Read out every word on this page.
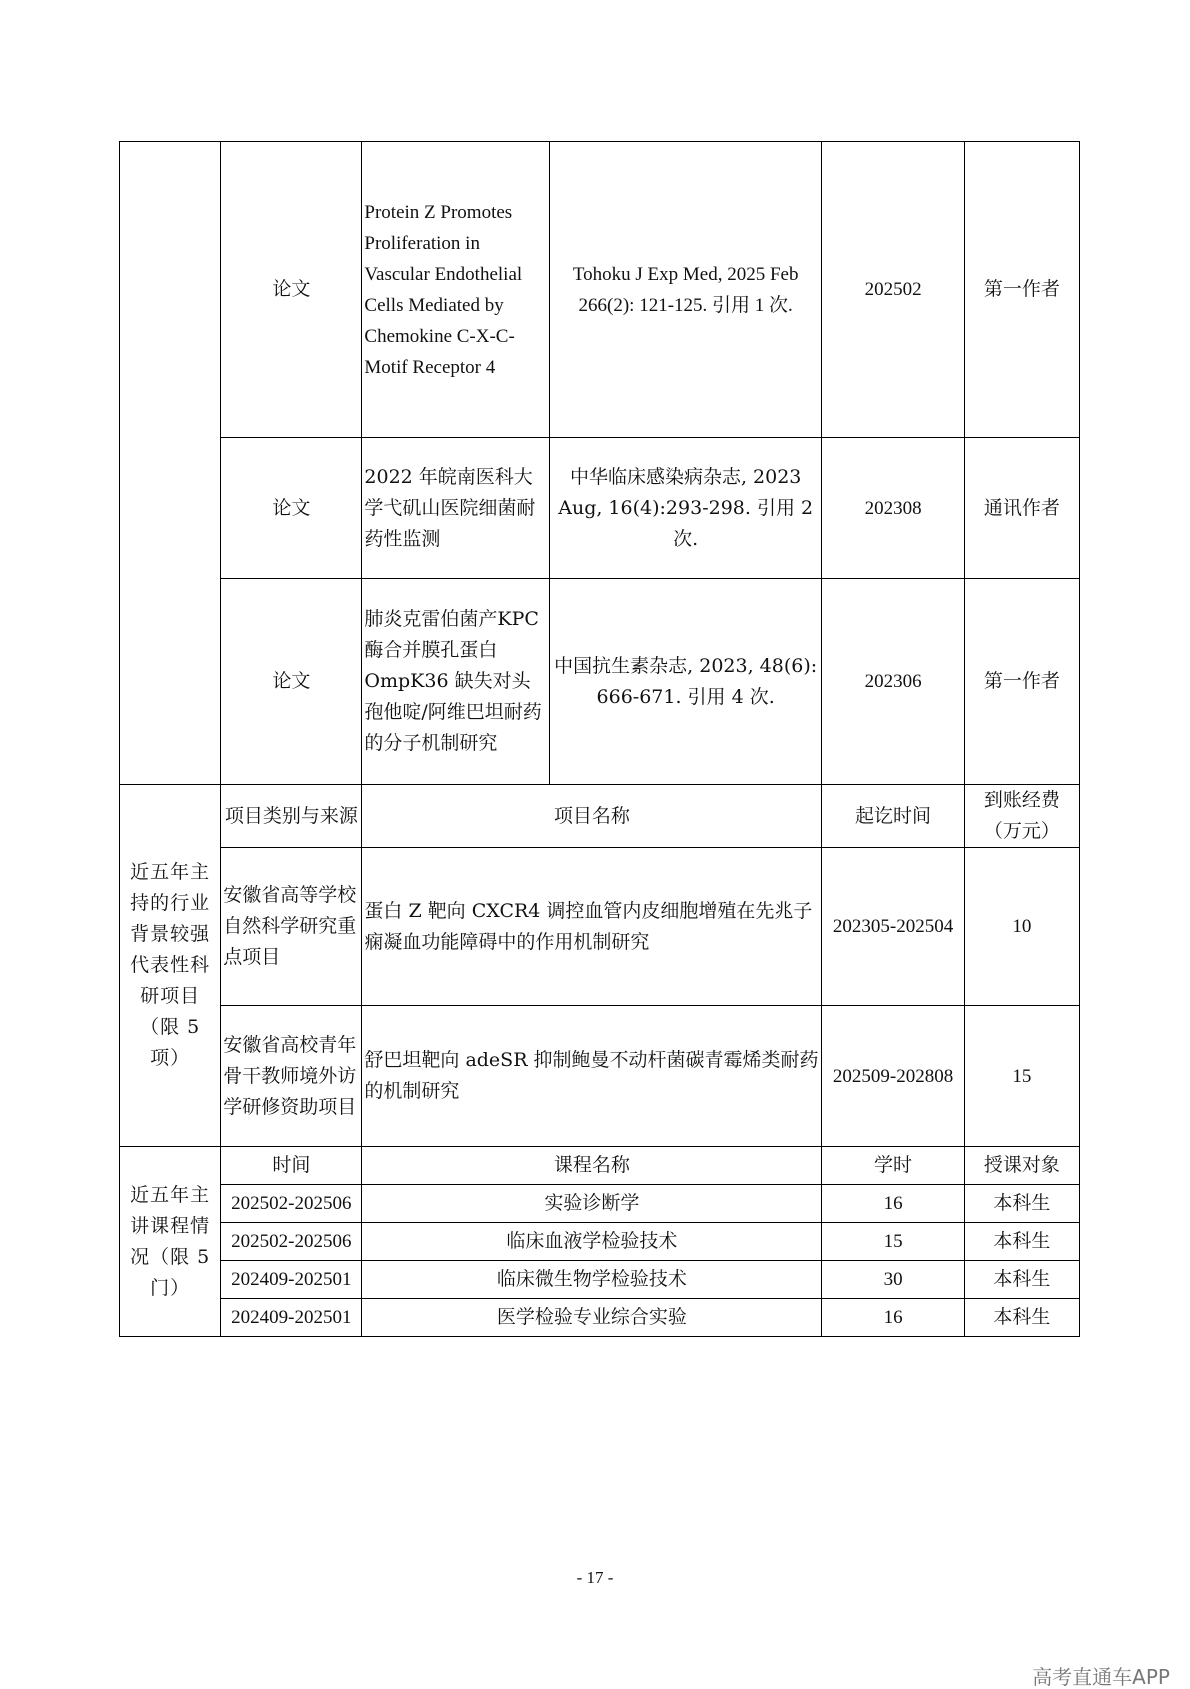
	论文	Protein Z Promotes Proliferation in Vascular Endothelial Cells Mediated by Chemokine C-X-C-Motif Receptor 4	Tohoku J Exp Med, 2025 Feb 266(2): 121-125. 引用 1 次.	202502	第一作者
	论文	2022 年皖南医科大学弋矶山医院细菌耐药性监测	中华临床感染病杂志, 2023 Aug, 16(4):293-298. 引用 2 次.	202308	通讯作者
	论文	肺炎克雷伯菌产KPC 酶合并膜孔蛋白 OmpK36 缺失对头孢他啶/阿维巴坦耐药的分子机制研究	中国抗生素杂志, 2023, 48(6): 666-671. 引用 4 次.	202306	第一作者
近五年主持的行业背景较强代表性科研项目（限 5 项）	项目类别与来源	项目名称		起讫时间	到账经费（万元）
	安徽省高等学校自然科学研究重点项目	蛋白 Z 靶向 CXCR4 调控血管内皮细胞增殖在先兆子痫凝血功能障碍中的作用机制研究		202305-202504	10
	安徽省高校青年骨干教师境外访学研修资助项目	舒巴坦靶向 adeSR 抑制鲍曼不动杆菌碳青霉烯类耐药的机制研究		202509-202808	15
近五年主讲课程情况（限 5 门）	时间	课程名称		学时	授课对象
	202502-202506	实验诊断学		16	本科生
	202502-202506	临床血液学检验技术		15	本科生
	202409-202501	临床微生物学检验技术		30	本科生
	202409-202501	医学检验专业综合实验		16	本科生
- 17 -
高考直通车APP
